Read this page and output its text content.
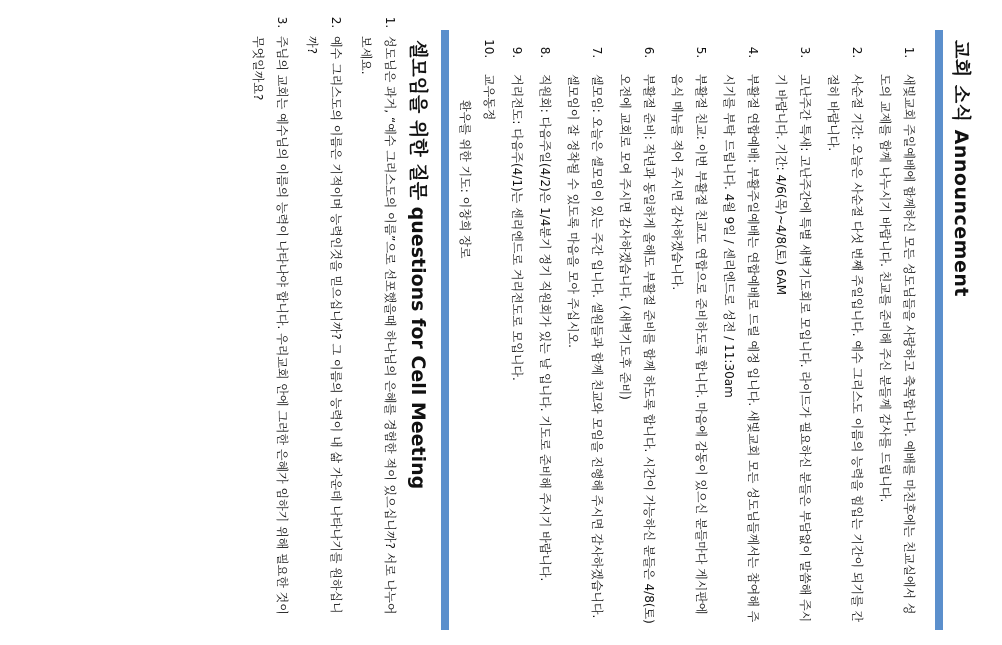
교회 소식 Announcement
1. 새빛교회 주일예배에 함께하신 모든 성도님들을 사랑하고 축복합니다. 예배를 마친후에는 친교실에서 성도의 교제를 함께 나누시기 바랍니다. 친교를 준비해 주신 분들께 감사를 드립니다.
2. 사순절 기간: 오늘은 사순절 다섯 번째 주일입니다. 예수 그리스도 이름의 능력을 힘입는 기간이 되기를 간절히 바랍니다.
3. 고난주간 특새: 고난주간에 특별 새벽기도회로 모입니다. 라이드가 필요하신 분들은 부담없이 말씀해 주시기 바랍니다. 기간: 4/6(목)~4/8(토) 6AM
4. 부활절 연합예배: 부활주일예배는 연합예배로 드릴 예정 입니다. 새빛교회 모든 성도님들께서는 참여해 주시기를 부탁 드립니다. 4월 9일 / 센리엔드로 성전 / 11:30am
5. 부활절 친교: 이번 부활절 친교도 연합으로 준비하도록 합니다. 마음에 감동이 있으신 분들마다 게시판에 음식 메뉴를 적어 주시면 감사하겠습니다.
6. 부활절 준비: 작년과 동일하게 올해도 부활절 준비를 함께 하도록 합니다. 시간이 가능하신 분들은 4/8(토) 오전에 교회로 모여 주시면 감사하겠습니다. (새벽기도후 준비)
7. 셀모임: 오늘은 셀모임이 있는 주간 입니다. 셀원들과 함께 친교와 모임을 진행해 주시면 감사하겠습니다. 셀모임이 잘 정착될 수 있도록 마음을 모아 주십시오.
8. 직원회: 다음주일(4/2)은 1/4분기 정기 직원회가 있는 날 입니다. 기도로 준비해 주시기 바랍니다.
9. 거리전도: 다음주(4/1)는 센리엔드로 거리전도로 모입니다.
10. 교우동정
환우를 위한 기도: 이창희 장로
셀모임을 위한 질문 questions for Cell Meeting
1. 성도님은 과거, “예수 그리스도의 이름”으로 선포했을때 하나님의 은혜를 경험한 적이 있으십니까? 서로 나누어 보세요.
2. 예수 그리스도의 이름은 기적이며 능력인것을 믿으십니까? 그 이름의 능력이 내 삶 가운데 나타나기를 원하십니까?
3. 주님의 교회는 예수님의 이름의 능력이 나타나야 합니다. 우리교회 안에 그러한 은혜가 임하기 위해 필요한 것이 무엇일까요?
